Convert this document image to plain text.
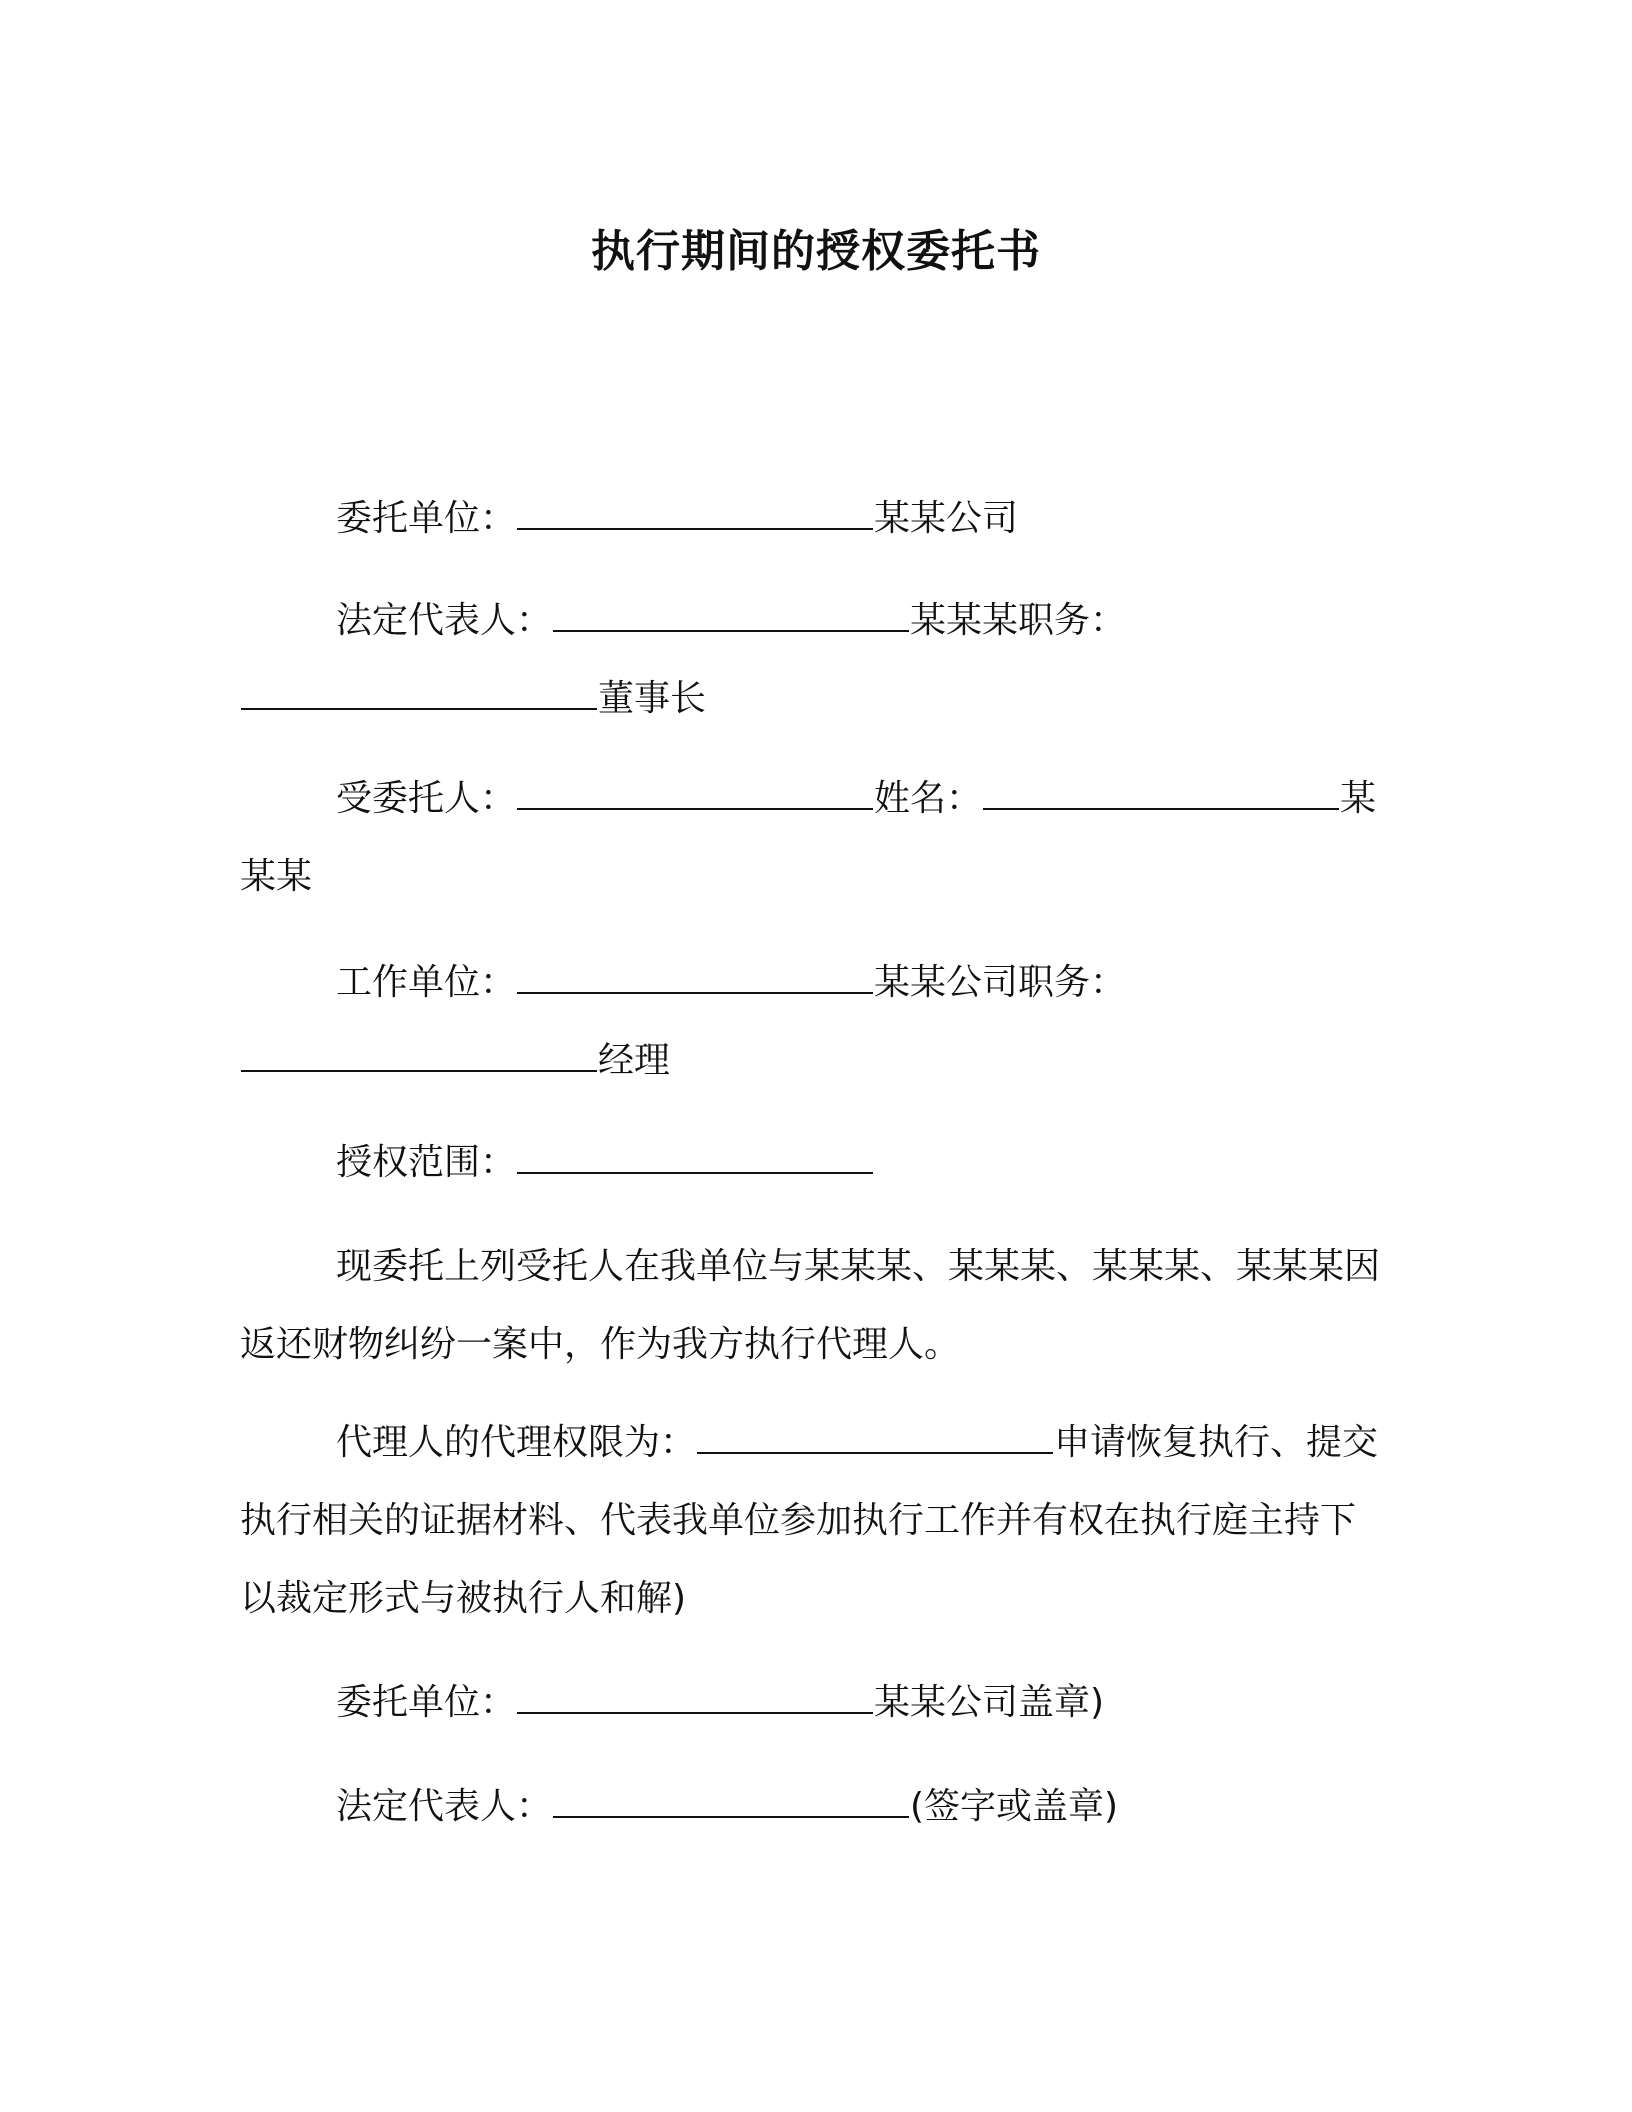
执行期间的授权委托书

委托单位：	某某公司

法定代表人：	某某某职务：董事长

受委托人：	姓名：	某某某

工作单位：	某某公司职务：经理

授权范围：

现委托上列受托人在我单位与某某某、某某某、某某某、某某某因返还财物纠纷一案中，作为我方执行代理人。

代理人的代理权限为：	申请恢复执行、提交执行相关的证据材料、代表我单位参加执行工作并有权在执行庭主持下以裁定形式与被执行人和解)

委托单位：	某某公司盖章)

法定代表人：	(签字或盖章)
